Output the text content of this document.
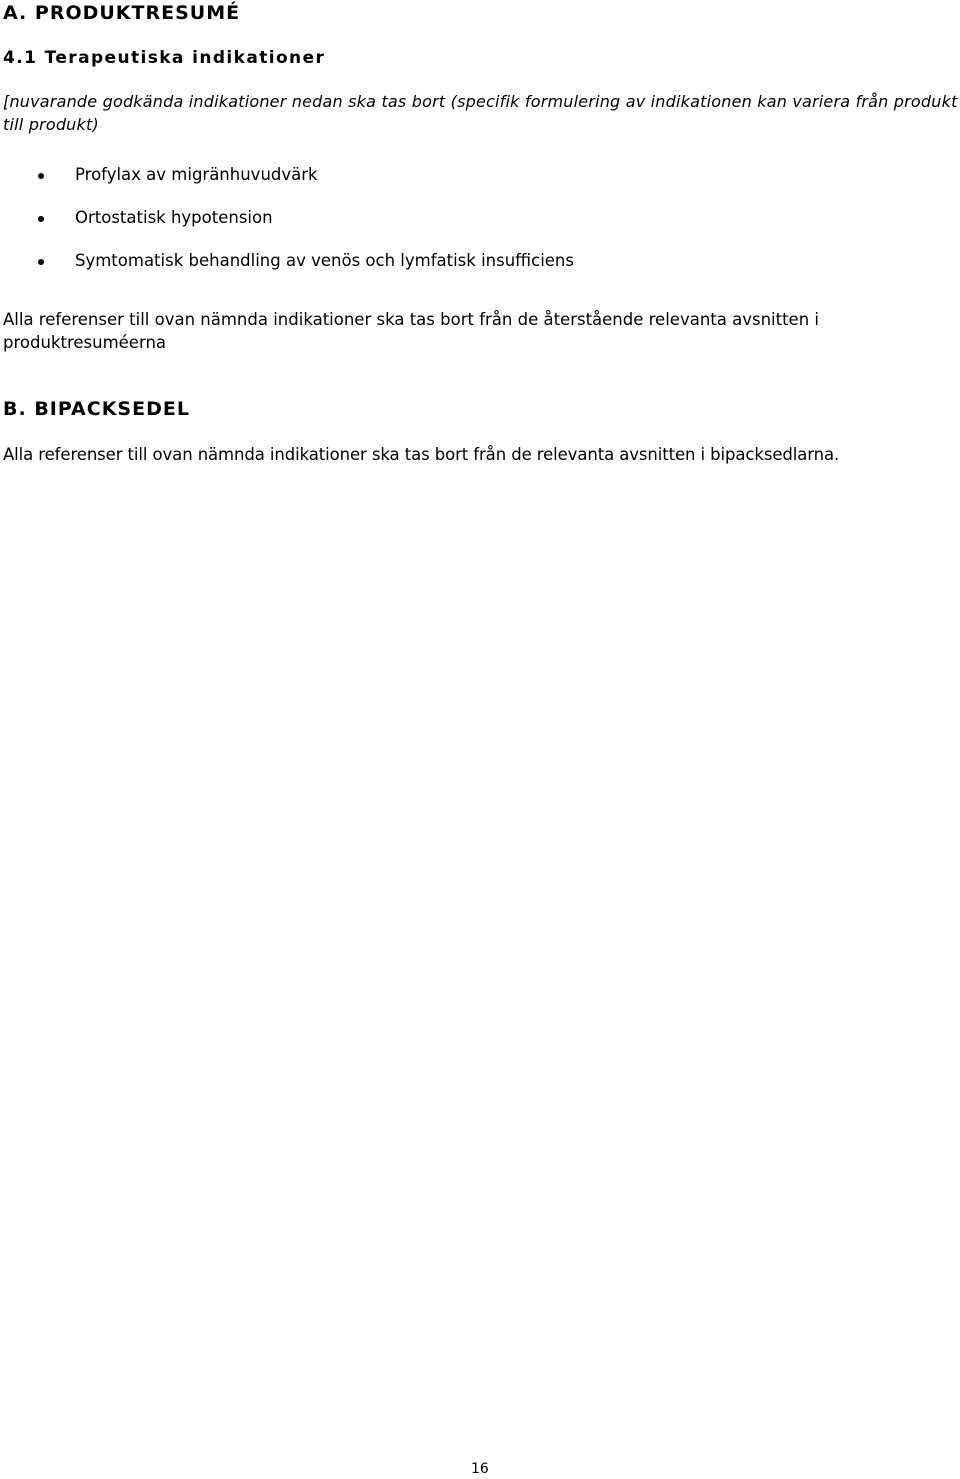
A. PRODUKTRESUMÉ
4.1 Terapeutiska indikationer
[nuvarande godkända indikationer nedan ska tas bort (specifik formulering av indikationen kan variera från produkt till produkt)
Profylax av migränhuvudvärk
Ortostatisk hypotension
Symtomatisk behandling av venös och lymfatisk insufficiens
Alla referenser till ovan nämnda indikationer ska tas bort från de återstående relevanta avsnitten i produktresuméerna
B. BIPACKSEDEL
Alla referenser till ovan nämnda indikationer ska tas bort från de relevanta avsnitten i bipacksedlarna.
16
